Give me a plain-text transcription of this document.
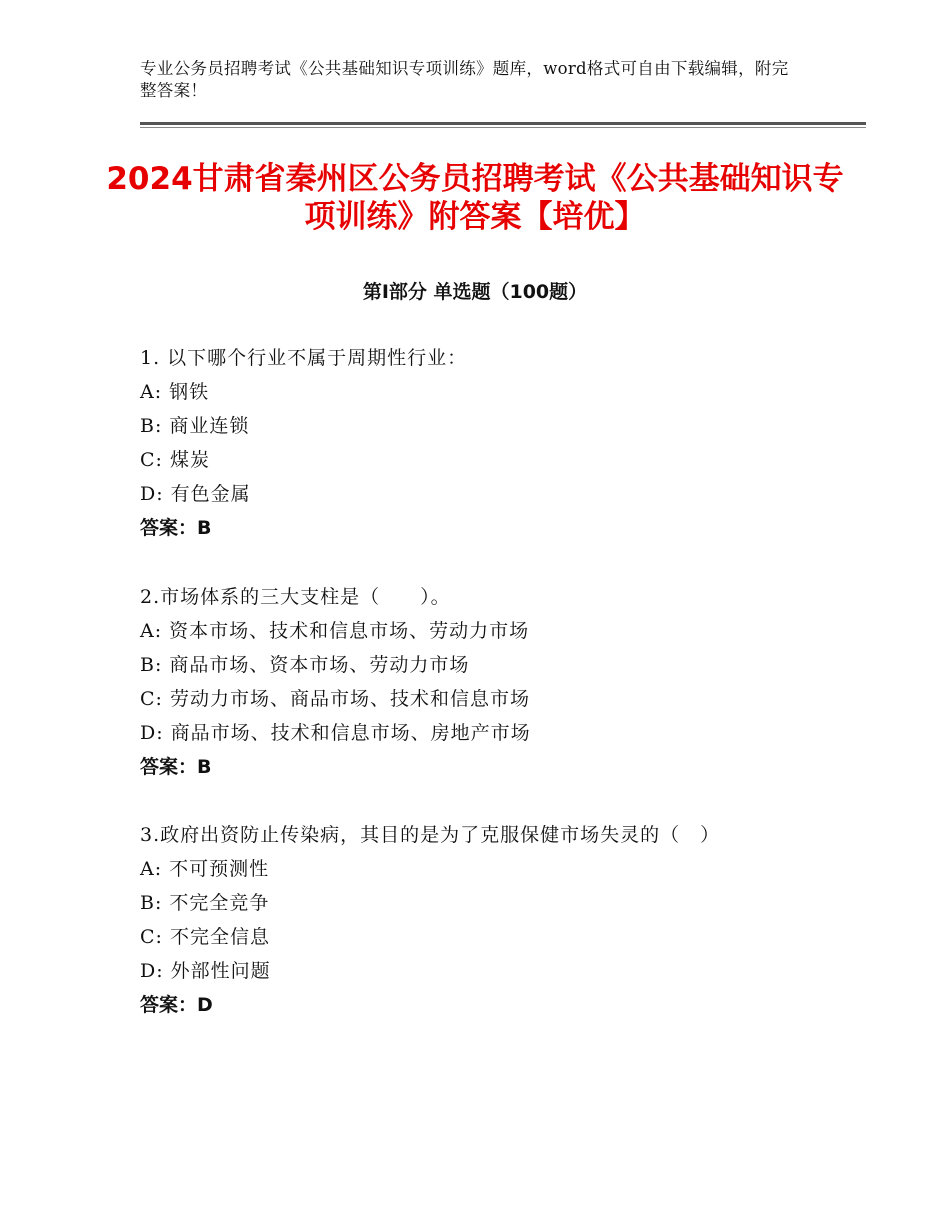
专业公务员招聘考试《公共基础知识专项训练》题库，word格式可自由下载编辑，附完整答案！
2024甘肃省秦州区公务员招聘考试《公共基础知识专项训练》附答案【培优】
第Ⅰ部分 单选题（100题）
1. 以下哪个行业不属于周期性行业：
A: 钢铁
B: 商业连锁
C: 煤炭
D: 有色金属
答案：B
2.市场体系的三大支柱是（　　）。
A: 资本市场、技术和信息市场、劳动力市场
B: 商品市场、资本市场、劳动力市场
C: 劳动力市场、商品市场、技术和信息市场
D: 商品市场、技术和信息市场、房地产市场
答案：B
3.政府出资防止传染病，其目的是为了克服保健市场失灵的（　）
A: 不可预测性
B: 不完全竞争
C: 不完全信息
D: 外部性问题
答案：D
